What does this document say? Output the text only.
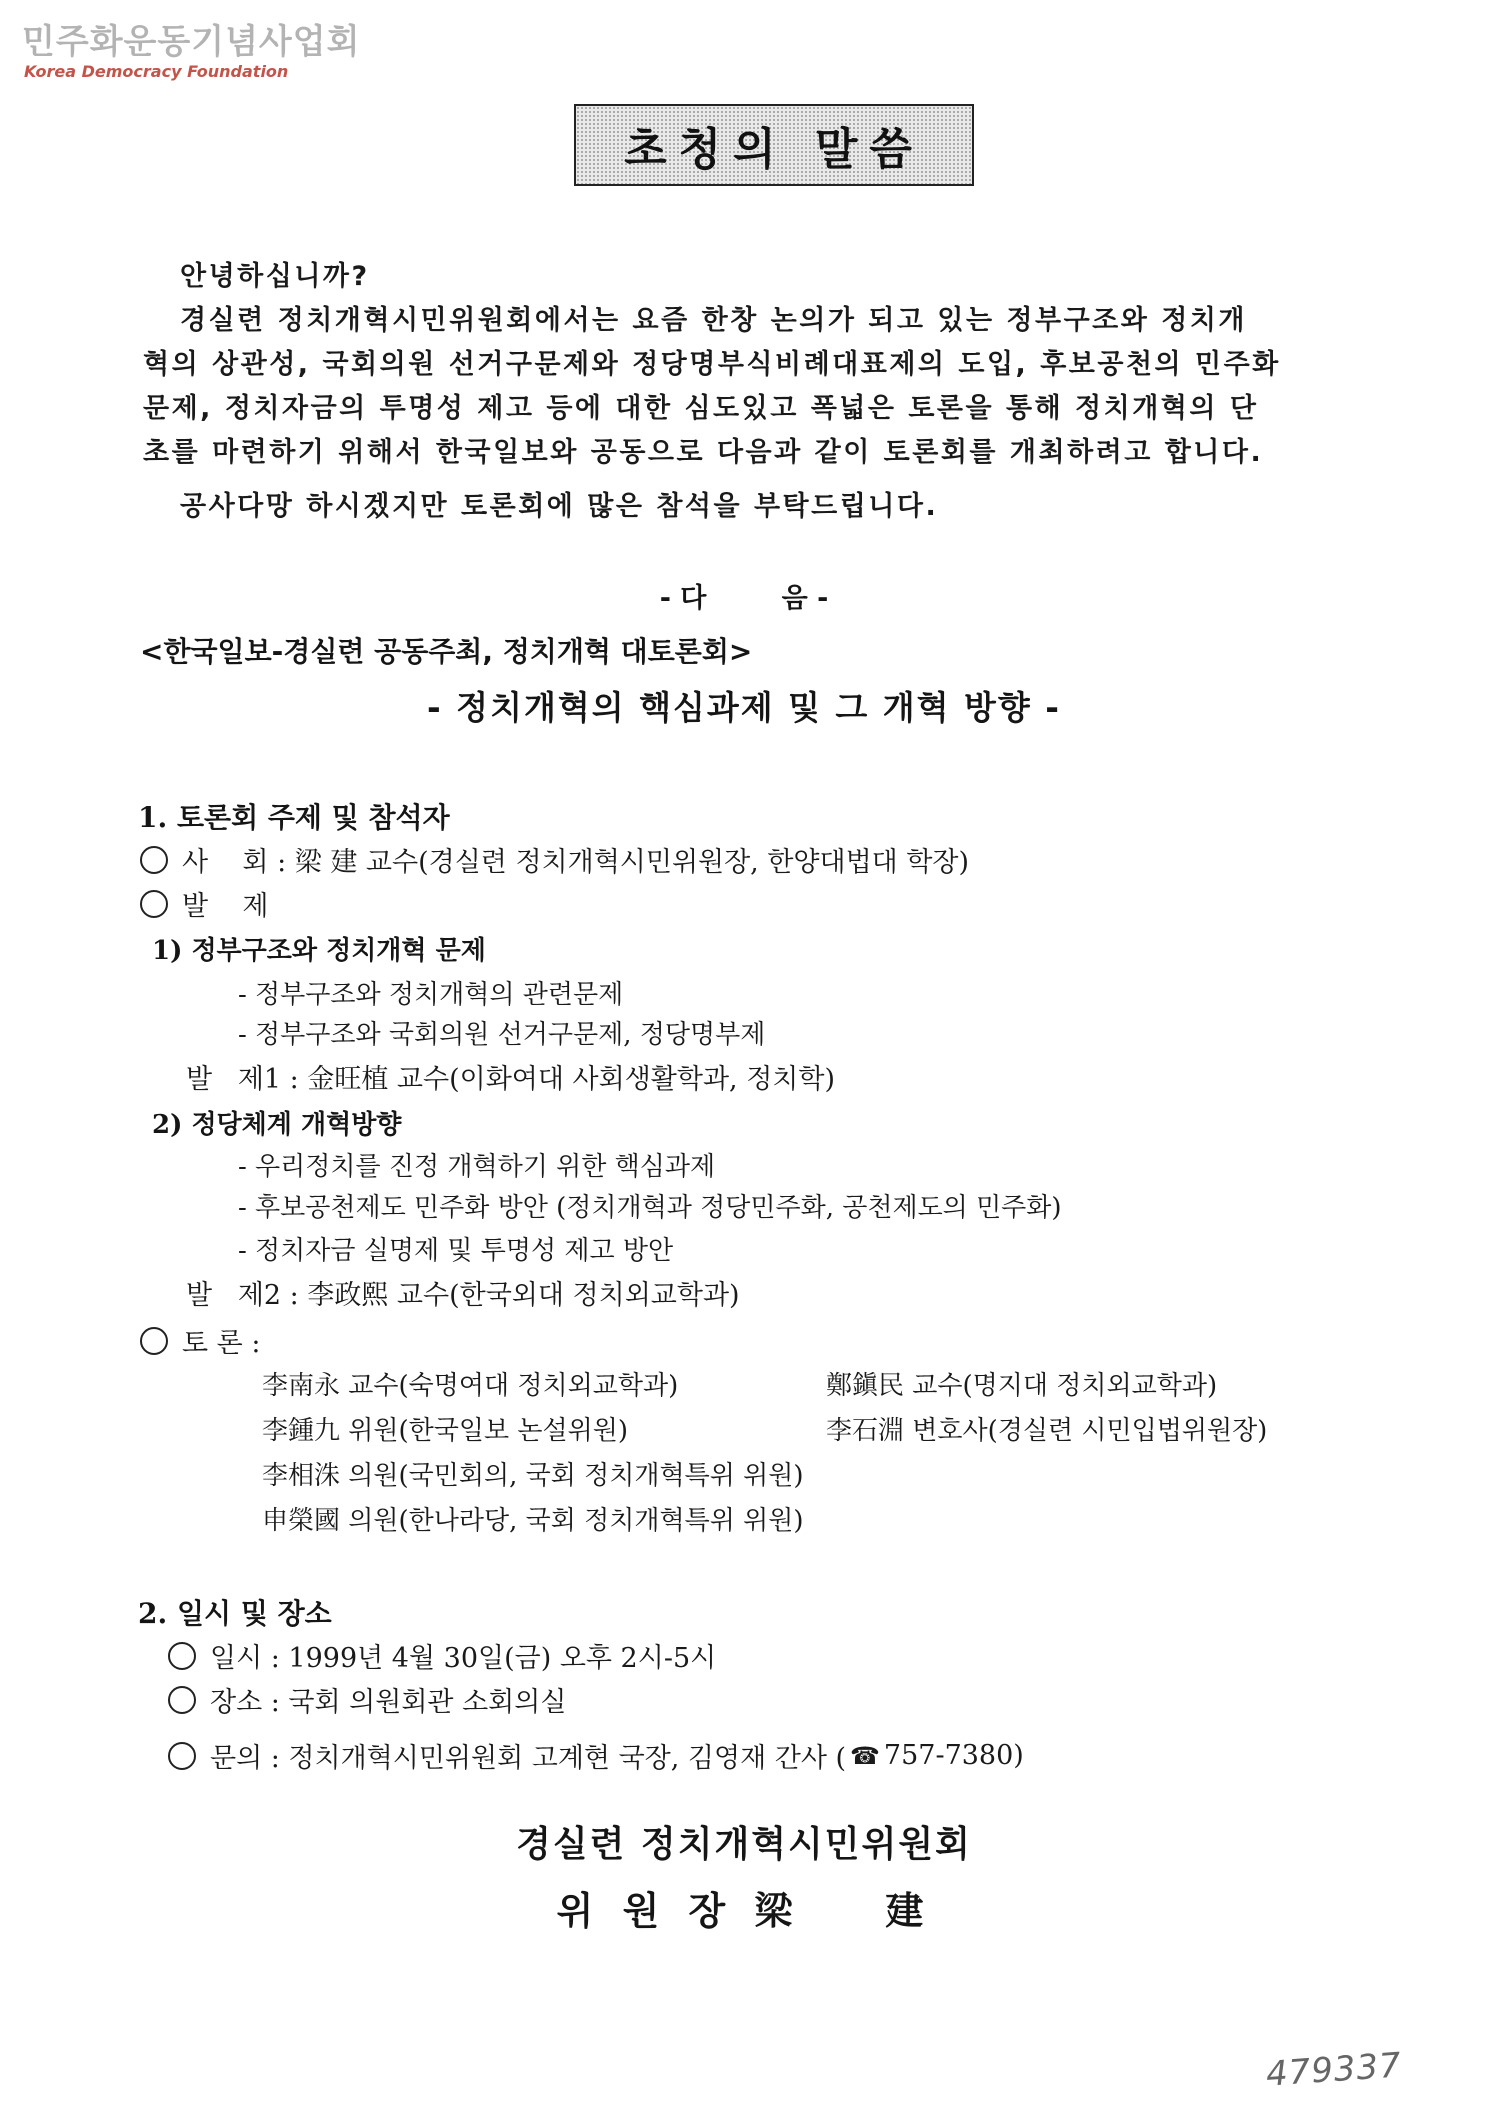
민주화운동기념사업회
Korea Democracy Foundation
초청의 말씀
안녕하십니까?
경실련 정치개혁시민위원회에서는 요즘 한창 논의가 되고 있는 정부구조와 정치개
혁의 상관성, 국회의원 선거구문제와 정당명부식비례대표제의 도입, 후보공천의 민주화
문제, 정치자금의 투명성 제고 등에 대한 심도있고 폭넓은 토론을 통해 정치개혁의 단
초를 마련하기 위해서 한국일보와 공동으로 다음과 같이 토론회를 개최하려고 합니다.
공사다망 하시겠지만 토론회에 많은 참석을 부탁드립니다.
- 다        음 -
<한국일보-경실련 공동주최, 정치개혁 대토론회>
- 정치개혁의 핵심과제 및 그 개혁 방향 -
1. 토론회 주제 및 참석자
사    회 : 梁 建 교수(경실련 정치개혁시민위원장, 한양대법대 학장)
발    제
1) 정부구조와 정치개혁 문제
- 정부구조와 정치개혁의 관련문제
- 정부구조와 국회의원 선거구문제, 정당명부제
발   제1 : 金旺植 교수(이화여대 사회생활학과, 정치학)
2) 정당체계 개혁방향
- 우리정치를 진정 개혁하기 위한 핵심과제
- 후보공천제도 민주화 방안 (정치개혁과 정당민주화, 공천제도의 민주화)
- 정치자금 실명제 및 투명성 제고 방안
발   제2 : 李政熙 교수(한국외대 정치외교학과)
토 론 :
李南永 교수(숙명여대 정치외교학과)
李鍾九 위원(한국일보 논설위원)
李相洙 의원(국민회의, 국회 정치개혁특위 위원)
申榮國 의원(한나라당, 국회 정치개혁특위 위원)
鄭鎭民 교수(명지대 정치외교학과)
李石淵 변호사(경실련 시민입법위원장)
2. 일시 및 장소
일시 : 1999년 4월 30일(금) 오후 2시-5시
장소 : 국회 의원회관 소회의실
문의 : 정치개혁시민위원회 고계현 국장, 김영재 간사 ( ☎ 757-7380)
경실련 정치개혁시민위원회
위 원 장 梁    建
479337
